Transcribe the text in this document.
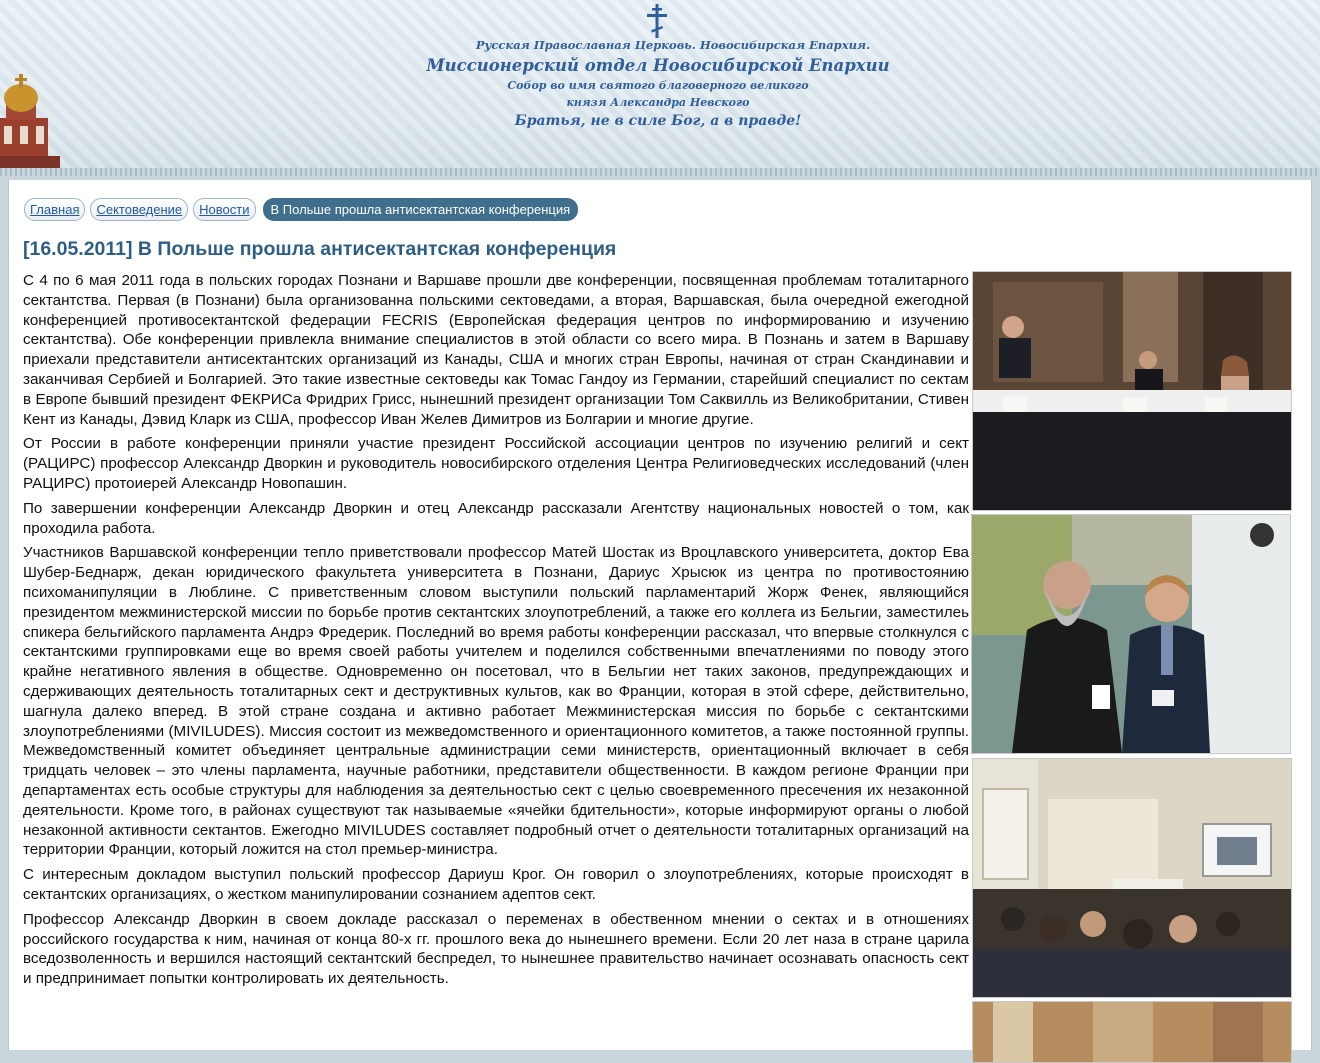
Русская Православная Церковь. Новосибирская Епархия.
Миссионерский отдел Новосибирской Епархии
Собор во имя святого благоверного великого
князя Александра Невского
Братья, не в силе Бог, а в правде!
Главная	Сектоведение	Новости	В Польше прошла антисектантская конференция
[16.05.2011] В Польше прошла антисектантская конференция

С 4 по 6 мая 2011 года в польских городах Познани и Варшаве прошли две конференции, посвященная проблемам тоталитарного сектантства. Первая (в Познани) была организованна польскими сектоведами, а вторая, Варшавская, была очередной ежегодной конференцией противосектантской федерации FECRIS (Европейская федерация центров по информированию и изучению сектантства). Обе конференции привлекла внимание специалистов в этой области со всего мира. В Познань и затем в Варшаву приехали представители антисектантских организаций из Канады, США и многих стран Европы, начиная от стран Скандинавии и заканчивая Сербией и Болгарией. Это такие известные сектоведы как Томас Гандоу из Германии, старейший специалист по сектам в Европе бывший президент ФЕКРИСа Фридрих Грисс, нынешний президент организации Том Саквилль из Великобритании, Стивен Кент из Канады, Дэвид Кларк из США, профессор Иван Желев Димитров из Болгарии и многие другие.

От России в работе конференции приняли участие президент Российской ассоциации центров по изучению религий и сект (РАЦИРС) профессор Александр Дворкин и руководитель новосибирского отделения Центра Религиоведческих исследований (член РАЦИРС) протоиерей Александр Новопашин.

По завершении конференции Александр Дворкин и отец Александр рассказали Агентству национальных новостей о том, как проходила работа.

Участников Варшавской конференции тепло приветствовали профессор Матей Шостак из Вроцлавского университета, доктор Ева Шубер-Беднарж, декан юридического факультета университета в Познани, Дариус Хрысюк из центра по противостоянию психоманипуляции в Люблине. С приветственным словом выступили польский парламентарий Жорж Фенек, являющийся президентом межминистерской миссии по борьбе против сектантских злоупотреблений, а также его коллега из Бельгии, заместилеь спикера бельгийского парламента Андрэ Фредерик. Последний во время работы конференции рассказал, что впервые столкнулся с сектантскими группировками еще во время своей работы учителем и поделился собственными впечатлениями по поводу этого крайне негативного явления в обществе. Одновременно он посетовал, что в Бельгии нет таких законов, предупреждающих и сдерживающих деятельность тоталитарных сект и деструктивных культов, как во Франции, которая в этой сфере, действительно, шагнула далеко вперед. В этой стране создана и активно работает Межминистерская миссия по борьбе с сектантскими злоупотреблениями (MIVILUDES). Миссия состоит из межведомственного и ориентационного комитетов, а также постоянной группы. Межведомственный комитет объединяет центральные администрации семи министерств, ориентационный включает в себя тридцать человек – это члены парламента, научные работники, представители общественности. В каждом регионе Франции при департаментах есть особые структуры для наблюдения за деятельностью сект с целью своевременного пресечения их незаконной деятельности. Кроме того, в районах существуют так называемые «ячейки бдительности», которые информируют органы о любой незаконной активности сектантов. Ежегодно MIVILUDES составляет подробный отчет о деятельности тоталитарных организаций на территории Франции, который ложится на стол премьер-министра.

С интересным докладом выступил польский профессор Дариуш Крог. Он говорил о злоупотреблениях, которые происходят в сектантских организациях, о жестком манипулировании сознанием адептов сект.

Профессор Александр Дворкин в своем докладе рассказал о переменах в обественном мнении о сектах и в отношениях российского государства к ним, начиная от конца 80-х гг. прошлого века до нынешнего времени. Если 20 лет наза в стране царила вседозволенность и вершился настоящий сектантский беспредел, то нынешнее правительство начинает осознавать опасность сект и предпринимает попытки контролировать их деятельность.
